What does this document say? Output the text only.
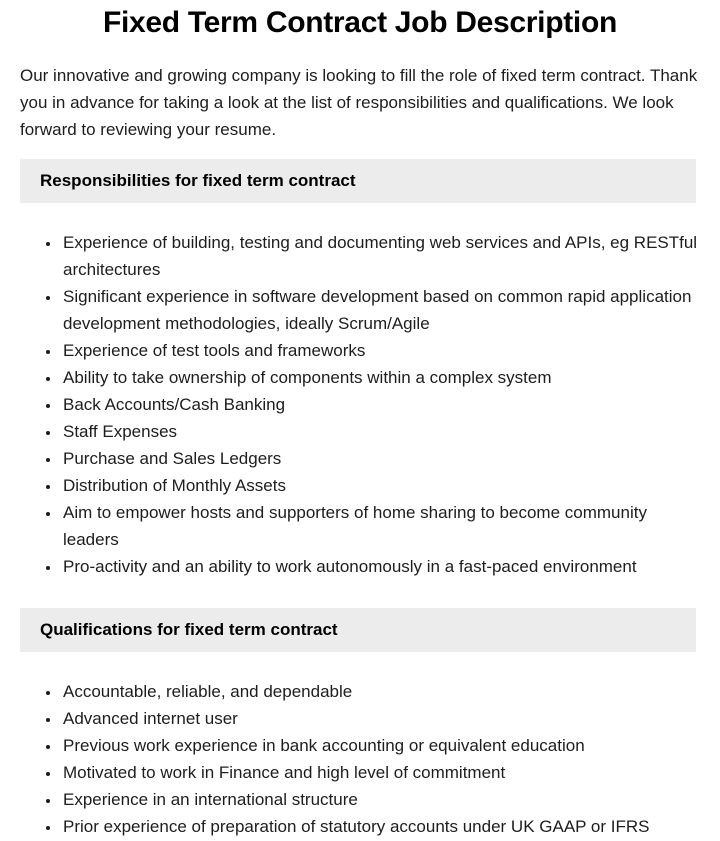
Fixed Term Contract Job Description

Our innovative and growing company is looking to fill the role of fixed term contract. Thank you in advance for taking a look at the list of responsibilities and qualifications. We look forward to reviewing your resume.

Responsibilities for fixed term contract
• Experience of building, testing and documenting web services and APIs, eg RESTful architectures
• Significant experience in software development based on common rapid application development methodologies, ideally Scrum/Agile
• Experience of test tools and frameworks
• Ability to take ownership of components within a complex system
• Back Accounts/Cash Banking
• Staff Expenses
• Purchase and Sales Ledgers
• Distribution of Monthly Assets
• Aim to empower hosts and supporters of home sharing to become community leaders
• Pro-activity and an ability to work autonomously in a fast-paced environment
Qualifications for fixed term contract
• Accountable, reliable, and dependable
• Advanced internet user
• Previous work experience in bank accounting or equivalent education
• Motivated to work in Finance and high level of commitment
• Experience in an international structure
• Prior experience of preparation of statutory accounts under UK GAAP or IFRS
